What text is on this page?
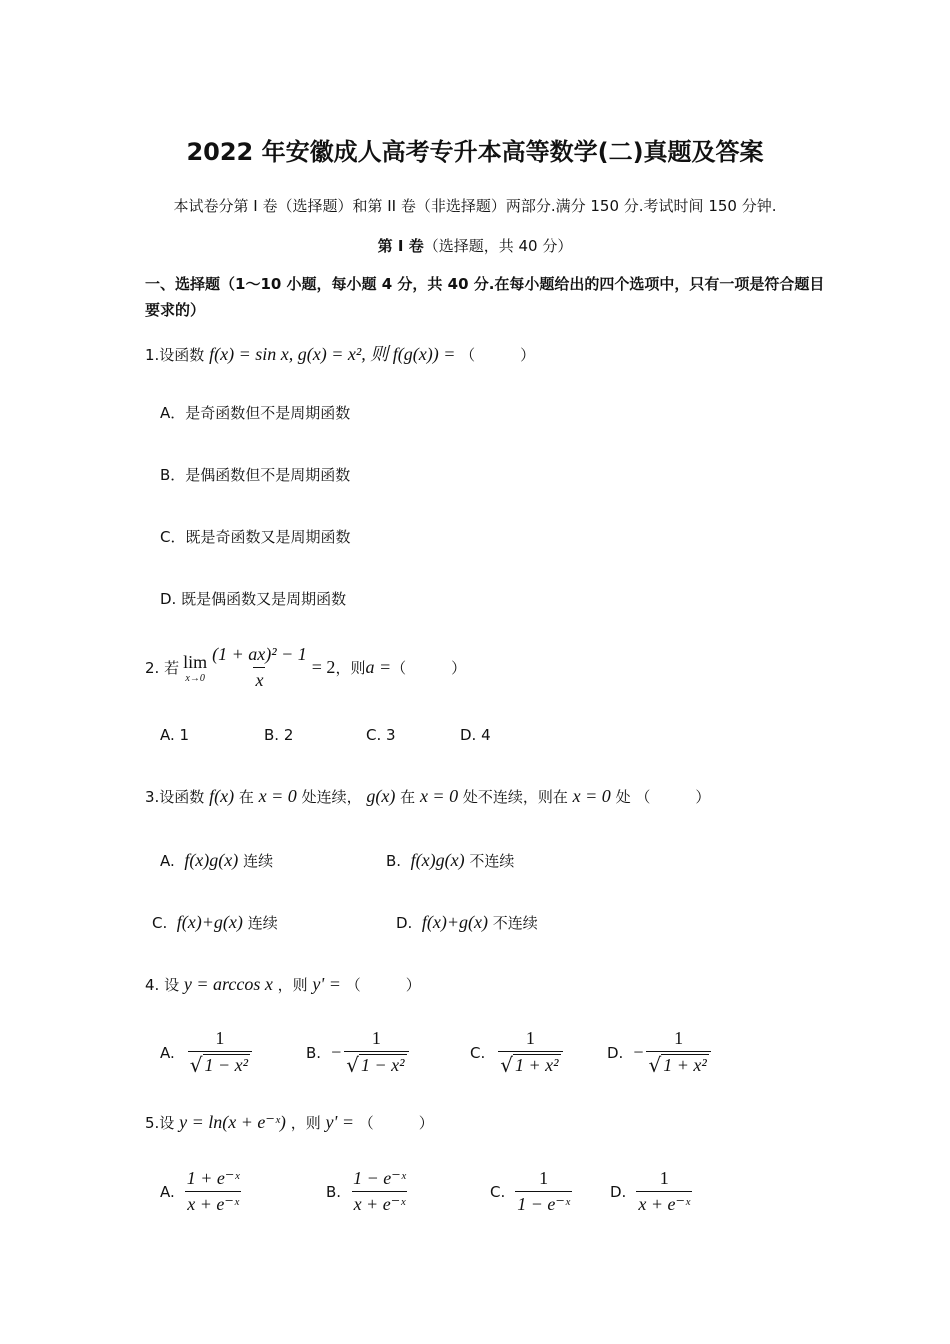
2022 年安徽成人高考专升本高等数学(二)真题及答案
本试卷分第 I 卷（选择题）和第 II 卷（非选择题）两部分.满分 150 分.考试时间 150 分钟.
第 I 卷（选择题，共 40 分）
一、选择题（1～10 小题，每小题 4 分，共 40 分.在每小题给出的四个选项中，只有一项是符合题目要求的）
1.设函数 f(x) = sin x, g(x) = x², 则 f(g(x)) = （　　　）
A．是奇函数但不是周期函数
B．是偶函数但不是周期函数
C．既是奇函数又是周期函数
D. 既是偶函数又是周期函数
2. 若 lim
$x\to 0 \frac{\text{(1 + ax)² − 1}}{x} = 2$ ，则 a = （　　　）
A. 1	B. 2	C. 3	D. 4
3.设函数 f(x) 在 x = 0 处连续， g(x) 在 x = 0 处不连续，则在 x = 0 处 （　　　）
A. f(x)g(x) 连续	B. f(x)g(x) 不连续
C. f(x)+g(x) 连续	D. f(x)+g(x) 不连续
4. 设 y = arccos x ，则 y' = （　　　）
A. $\frac{1}{\text{√ 1 − x²}}$	B. − $\frac{1}{\text{√ 1 − x²}}$	C. $\frac{1}{\text{√ 1 + x²}}$	D. − $\frac{1}{\text{√ 1 + x²}}$
5.设 y = ln(x + e⁻ˣ) ，则 y' = （　　　）
A. $\frac{\text{1 + e⁻ˣ}}{\text{x + e⁻ˣ}}$	B. $\frac{\text{1 − e⁻ˣ}}{\text{x + e⁻ˣ}}$	C. $\frac{1}{\text{1 − e⁻ˣ}}$	D. $\frac{1}{\text{x + e⁻ˣ}}$
